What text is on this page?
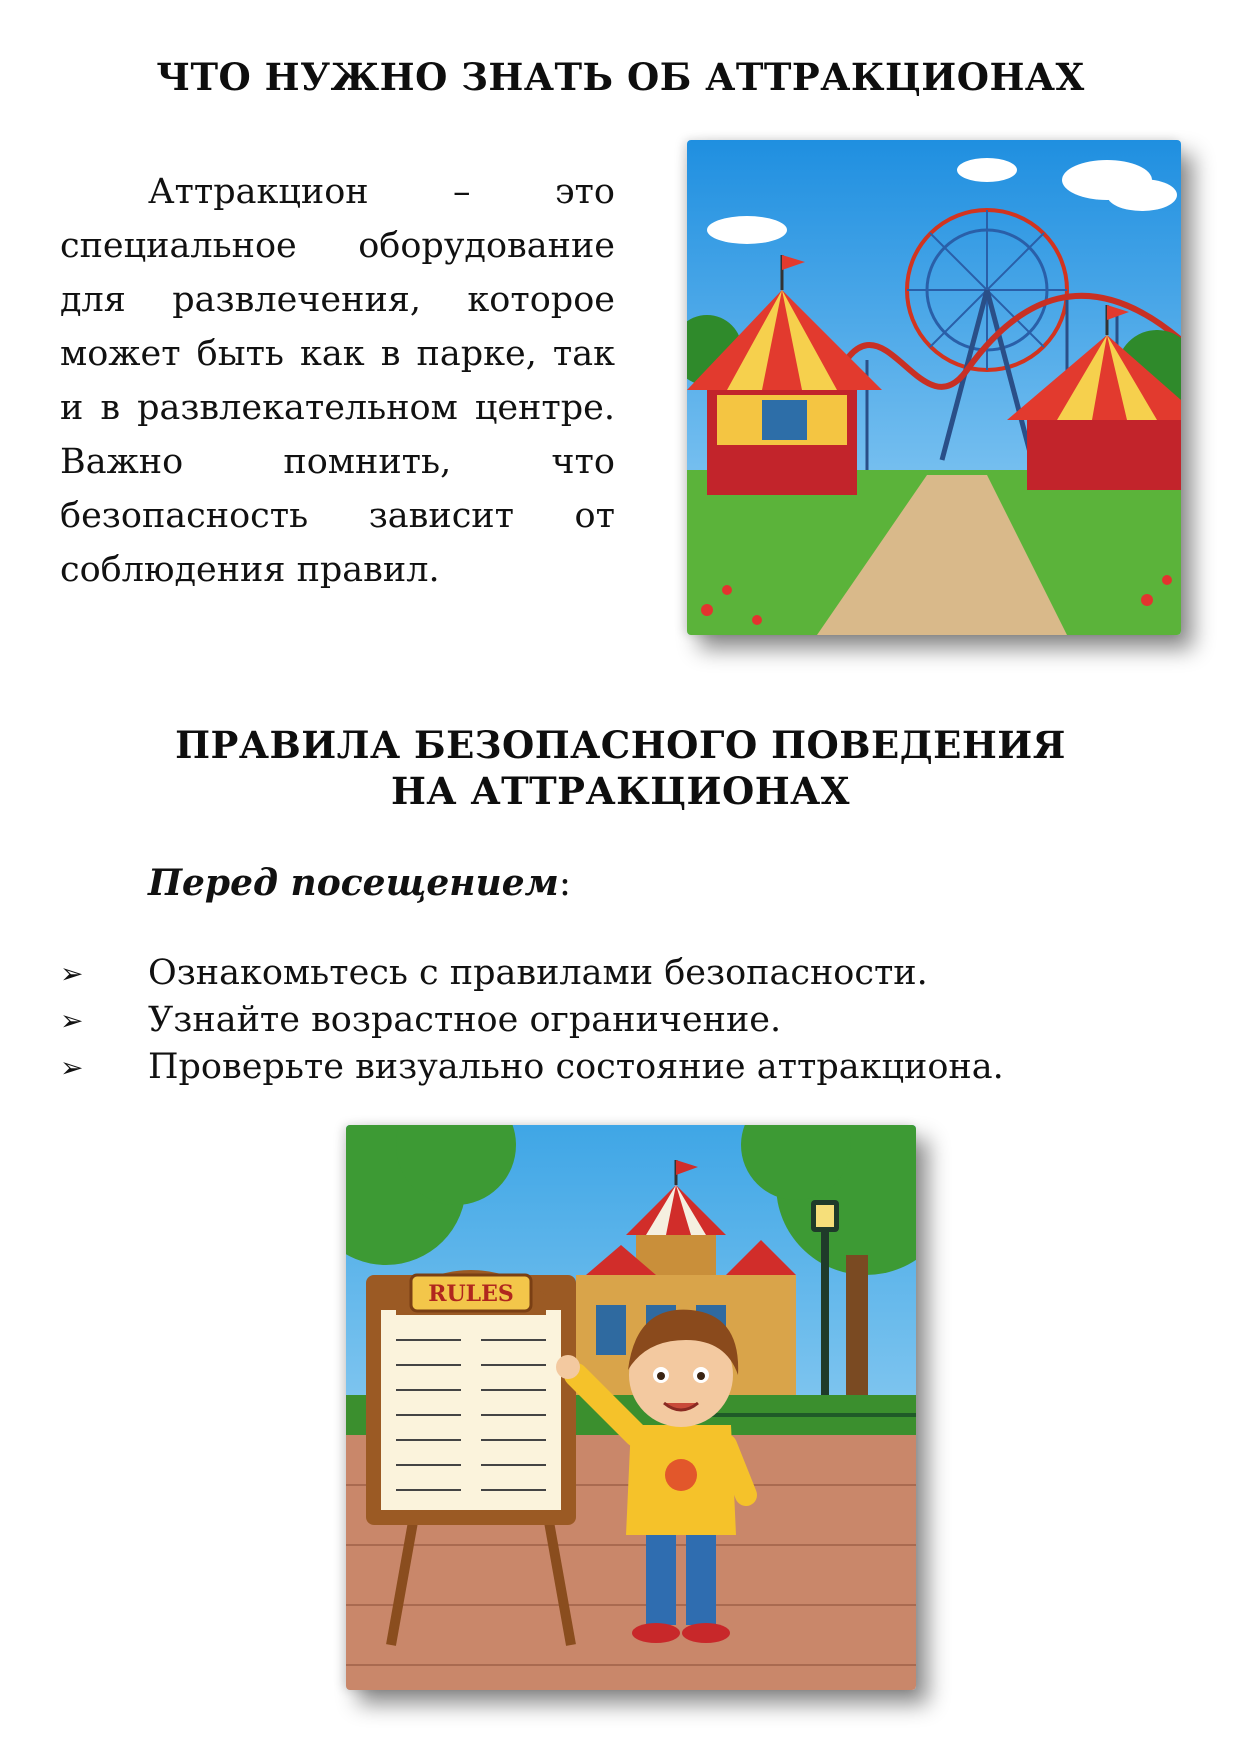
ЧТО НУЖНО ЗНАТЬ ОБ АТТРАКЦИОНАХ

Аттракцион – это специальное оборудование для развлечения, которое может быть как в парке, так и в развлекательном центре. Важно помнить, что безопасность зависит от соблюдения правил.

ПРАВИЛА БЕЗОПАСНОГО ПОВЕДЕНИЯ
НА АТТРАКЦИОНАХ

Перед посещением:

➢ Ознакомьтесь с правилами безопасности.
➢ Узнайте возрастное ограничение.
➢ Проверьте визуально состояние аттракциона.
RULES
